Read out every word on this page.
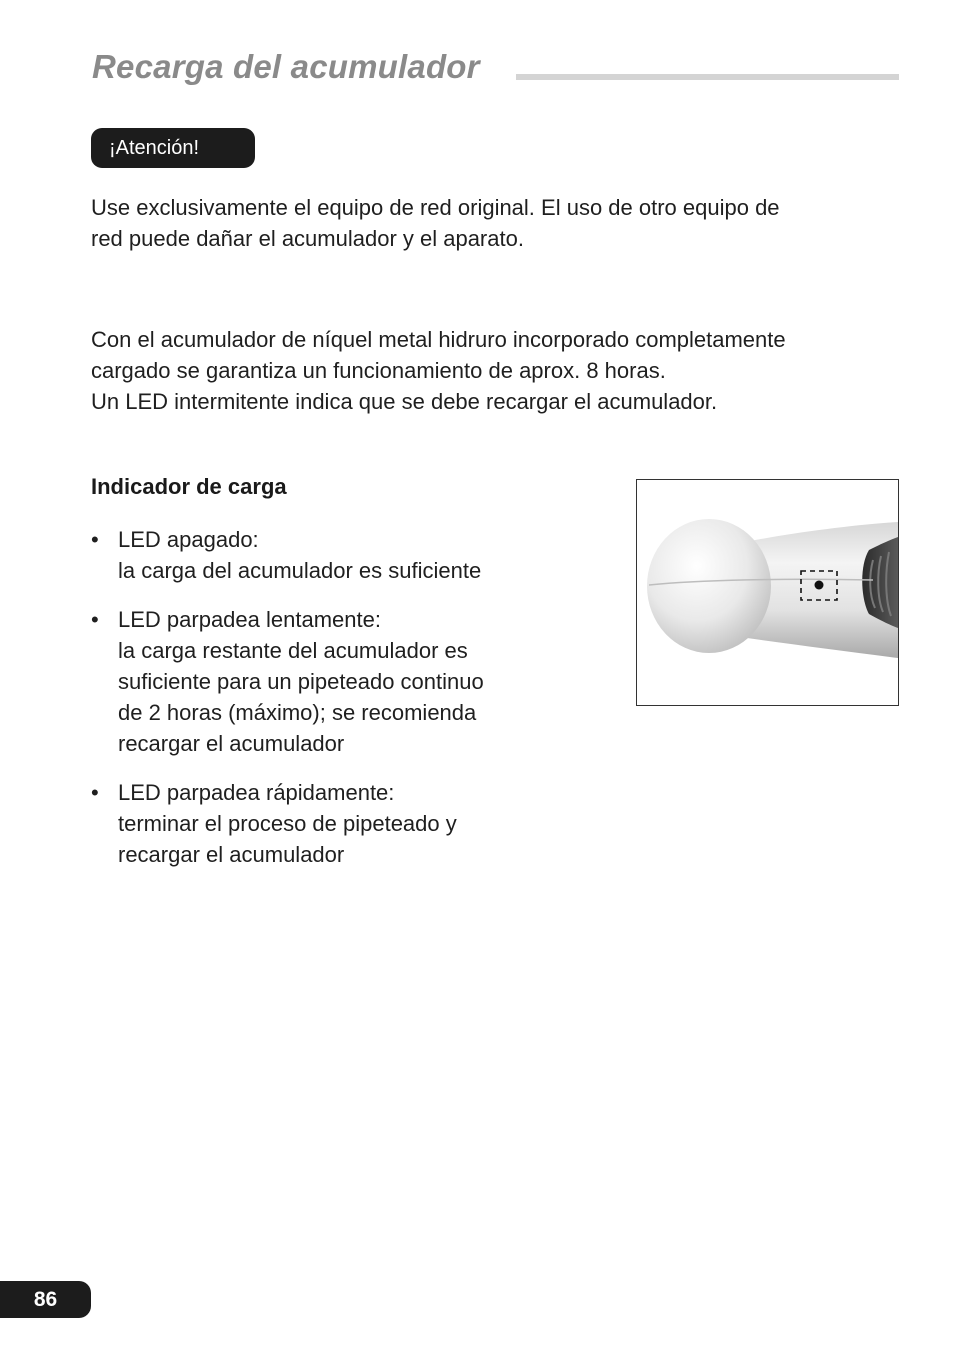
Recarga del acumulador
¡Atención!

Use exclusivamente el equipo de red original. El uso de otro equipo de
red puede dañar el acumulador y el aparato.

Con el acumulador de níquel metal hidruro incorporado completamente
cargado se garantiza un funcionamiento de aprox. 8 horas.
Un LED intermitente indica que se debe recargar el acumulador.

Indicador de carga
• LED apagado:
la carga del acumulador es suficiente
• LED parpadea lentamente:
la carga restante del acumulador es
suficiente para un pipeteado continuo
de 2 horas (máximo); se recomienda
recargar el acumulador
• LED parpadea rápidamente:
terminar el proceso de pipeteado y
recargar el acumulador
86
